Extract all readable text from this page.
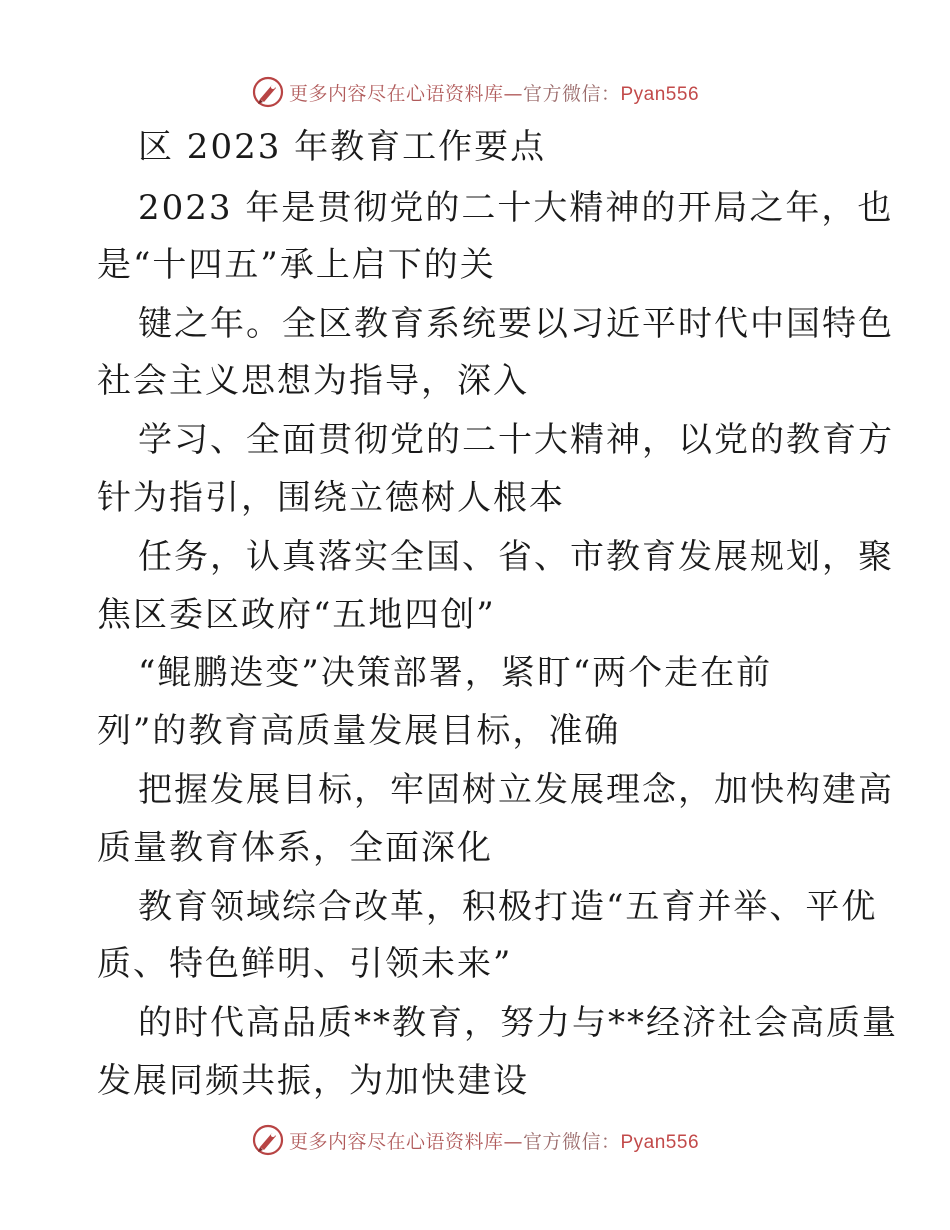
更多内容尽在心语资料库—官方微信：Pyan556
区 2023 年教育工作要点
2023 年是贯彻党的二十大精神的开局之年，也
是“十四五”承上启下的关
键之年。全区教育系统要以习近平时代中国特色
社会主义思想为指导，深入
学习、全面贯彻党的二十大精神，以党的教育方
针为指引，围绕立德树人根本
任务，认真落实全国、省、市教育发展规划，聚
焦区委区政府“五地四创”
“鲲鹏迭变”决策部署，紧盯“两个走在前
列”的教育高质量发展目标，准确
把握发展目标，牢固树立发展理念，加快构建高
质量教育体系，全面深化
教育领域综合改革，积极打造“五育并举、平优
质、特色鲜明、引领未来”
的时代高品质**教育，努力与**经济社会高质量
发展同频共振，为加快建设
更多内容尽在心语资料库—官方微信：Pyan556
